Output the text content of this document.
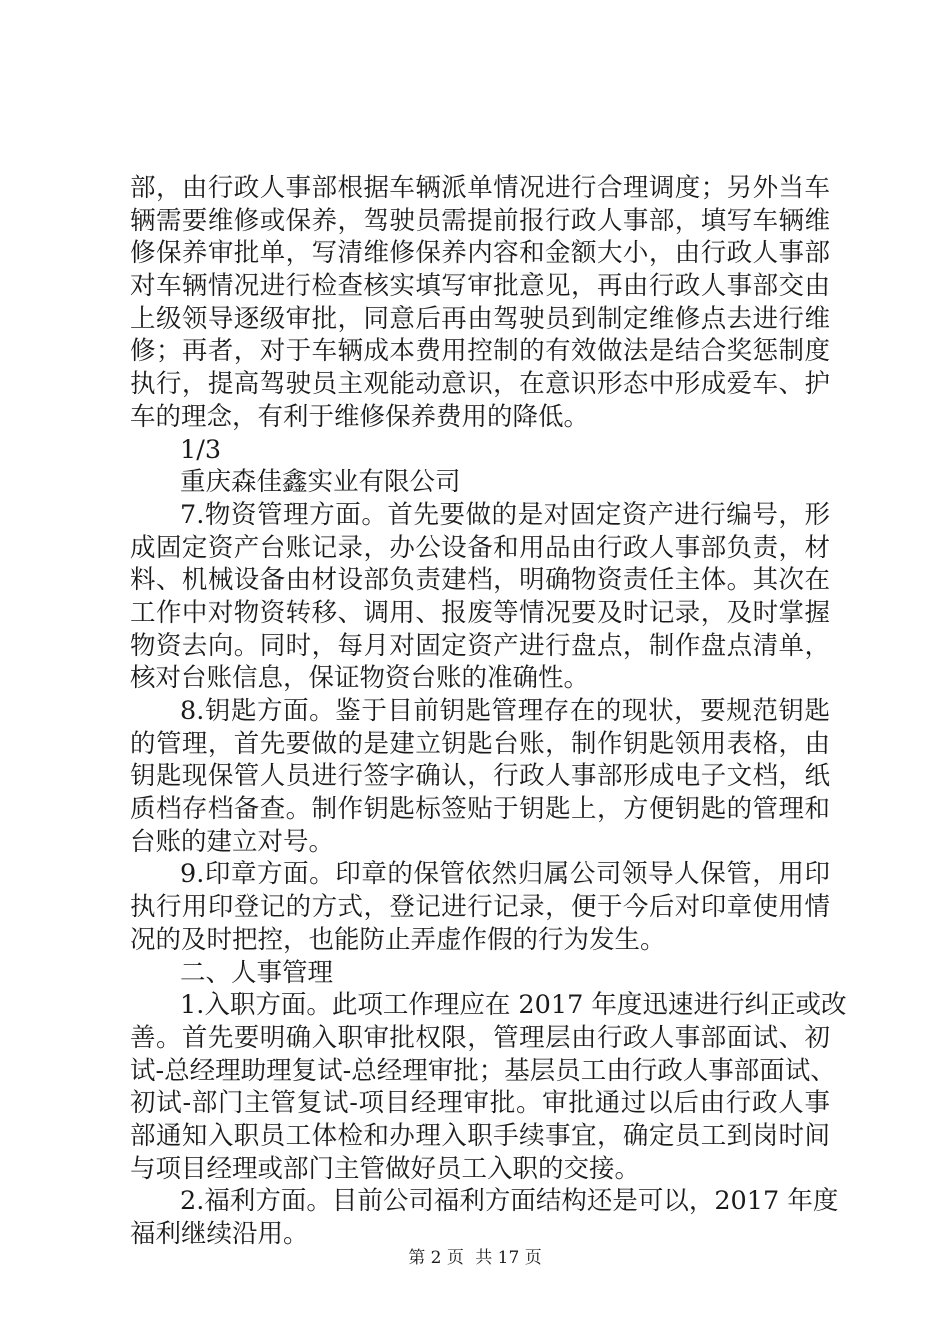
部，由行政人事部根据车辆派单情况进行合理调度；另外当车
辆需要维修或保养，驾驶员需提前报行政人事部，填写车辆维
修保养审批单，写清维修保养内容和金额大小，由行政人事部
对车辆情况进行检查核实填写审批意见，再由行政人事部交由
上级领导逐级审批，同意后再由驾驶员到制定维修点去进行维
修；再者，对于车辆成本费用控制的有效做法是结合奖惩制度
执行，提高驾驶员主观能动意识，在意识形态中形成爱车、护
车的理念，有利于维修保养费用的降低。
1/3
重庆森佳鑫实业有限公司
7.物资管理方面。首先要做的是对固定资产进行编号，形
成固定资产台账记录，办公设备和用品由行政人事部负责，材
料、机械设备由材设部负责建档，明确物资责任主体。其次在
工作中对物资转移、调用、报废等情况要及时记录，及时掌握
物资去向。同时，每月对固定资产进行盘点，制作盘点清单，
核对台账信息，保证物资台账的准确性。
8.钥匙方面。鉴于目前钥匙管理存在的现状，要规范钥匙
的管理，首先要做的是建立钥匙台账，制作钥匙领用表格，由
钥匙现保管人员进行签字确认，行政人事部形成电子文档，纸
质档存档备查。制作钥匙标签贴于钥匙上，方便钥匙的管理和
台账的建立对号。
9.印章方面。印章的保管依然归属公司领导人保管，用印
执行用印登记的方式，登记进行记录，便于今后对印章使用情
况的及时把控，也能防止弄虚作假的行为发生。
二、人事管理
1.入职方面。此项工作理应在 2017 年度迅速进行纠正或改
善。首先要明确入职审批权限，管理层由行政人事部面试、初
试-总经理助理复试-总经理审批；基层员工由行政人事部面试、
初试-部门主管复试-项目经理审批。审批通过以后由行政人事
部通知入职员工体检和办理入职手续事宜，确定员工到岗时间
与项目经理或部门主管做好员工入职的交接。
2.福利方面。目前公司福利方面结构还是可以，2017 年度
福利继续沿用。
第 2 页 共 17 页
